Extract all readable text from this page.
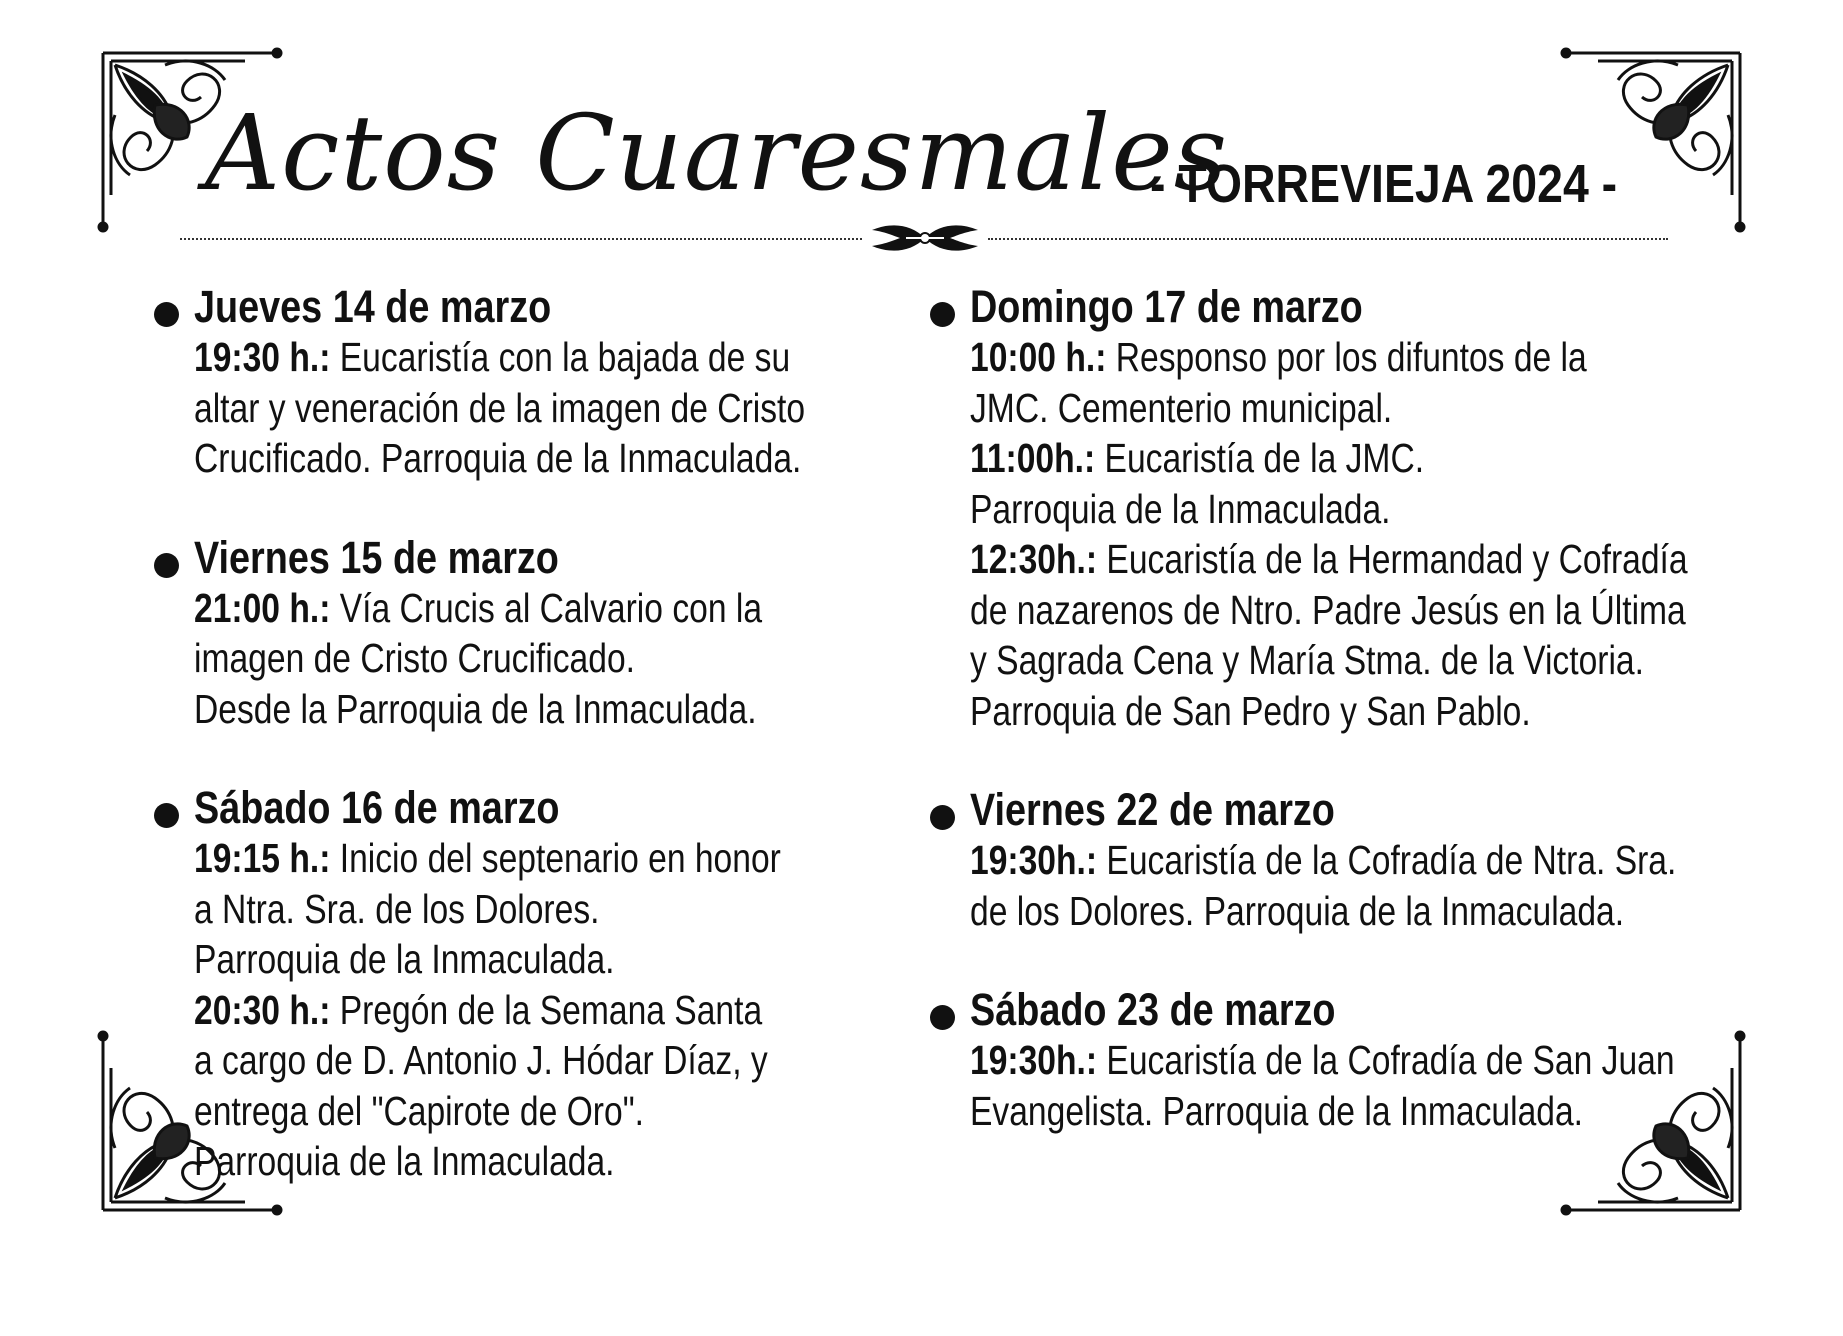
Actos Cuaresmales
- TORREVIEJA 2024 -
Jueves 14 de marzo
19:30 h.: Eucaristía con la bajada de su
altar y veneración de la imagen de Cristo
Crucificado. Parroquia de la Inmaculada.
Viernes 15 de marzo
21:00 h.: Vía Crucis al Calvario con la
imagen de Cristo Crucificado.
Desde la Parroquia de la Inmaculada.
Sábado 16 de marzo
19:15 h.: Inicio del septenario en honor
a Ntra. Sra. de los Dolores.
Parroquia de la Inmaculada.
20:30 h.: Pregón de la Semana Santa
a cargo de D. Antonio J. Hódar Díaz, y
entrega del "Capirote de Oro".
Parroquia de la Inmaculada.
Domingo 17 de marzo
10:00 h.: Responso por los difuntos de la
JMC. Cementerio municipal.
11:00h.: Eucaristía de la JMC.
Parroquia de la Inmaculada.
12:30h.: Eucaristía de la Hermandad y Cofradía
de nazarenos de Ntro. Padre Jesús en la Última
y Sagrada Cena y María Stma. de la Victoria.
Parroquia de San Pedro y San Pablo.
Viernes 22 de marzo
19:30h.: Eucaristía de la Cofradía de Ntra. Sra.
de los Dolores. Parroquia de la Inmaculada.
Sábado 23 de marzo
19:30h.: Eucaristía de la Cofradía de San Juan
Evangelista. Parroquia de la Inmaculada.
